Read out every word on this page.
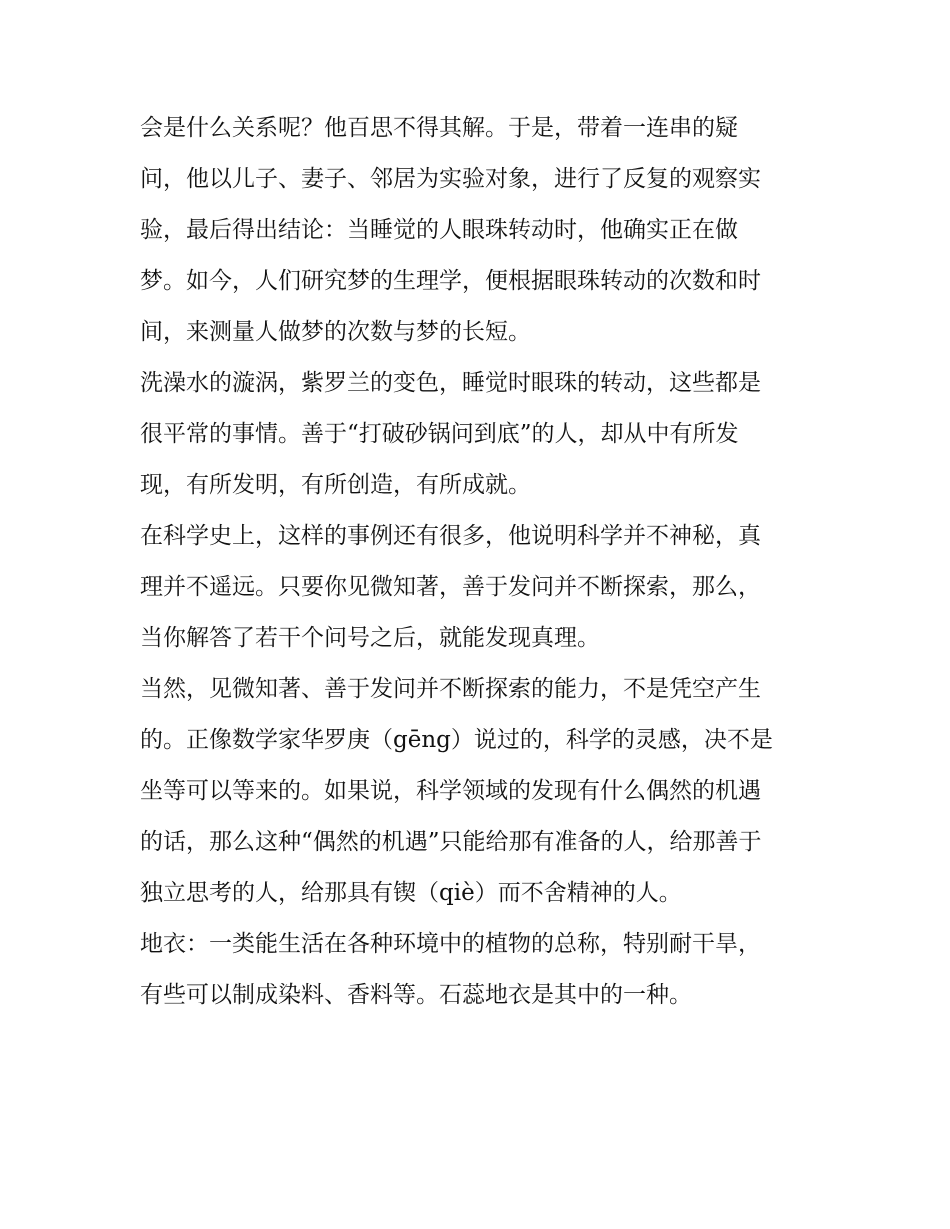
会是什么关系呢？他百思不得其解。于是，带着一连串的疑
问，他以儿子、妻子、邻居为实验对象，进行了反复的观察实
验，最后得出结论：当睡觉的人眼珠转动时，他确实正在做
梦。如今，人们研究梦的生理学，便根据眼珠转动的次数和时
间，来测量人做梦的次数与梦的长短。
洗澡水的漩涡，紫罗兰的变色，睡觉时眼珠的转动，这些都是
很平常的事情。善于“打破砂锅问到底”的人，却从中有所发
现，有所发明，有所创造，有所成就。
在科学史上，这样的事例还有很多，他说明科学并不神秘，真
理并不遥远。只要你见微知著，善于发问并不断探索，那么，
当你解答了若干个问号之后，就能发现真理。
当然，见微知著、善于发问并不断探索的能力，不是凭空产生
的。正像数学家华罗庚（gēng）说过的，科学的灵感，决不是
坐等可以等来的。如果说，科学领域的发现有什么偶然的机遇
的话，那么这种“偶然的机遇”只能给那有准备的人，给那善于
独立思考的人，给那具有锲（qiè）而不舍精神的人。
地衣：一类能生活在各种环境中的植物的总称，特别耐干旱，
有些可以制成染料、香料等。石蕊地衣是其中的一种。
